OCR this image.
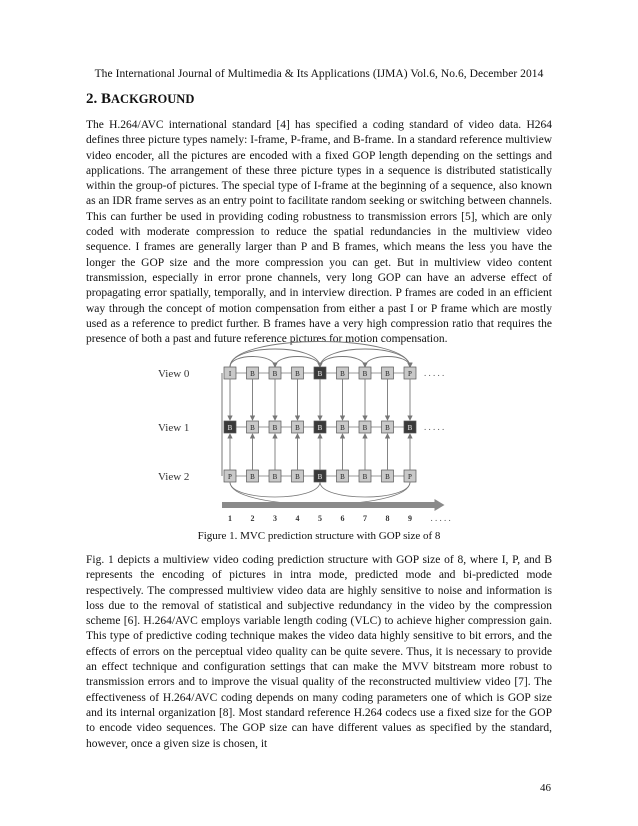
The International Journal of Multimedia & Its Applications (IJMA) Vol.6, No.6, December 2014
2. BACKGROUND

The H.264/AVC international standard [4] has specified a coding standard of video data. H264 defines three picture types namely: I-frame, P-frame, and B-frame. In a standard reference multiview video encoder, all the pictures are encoded with a fixed GOP length depending on the settings and applications. The arrangement of these three picture types in a sequence is distributed statistically within the group-of pictures. The special type of I-frame at the beginning of a sequence, also known as an IDR frame serves as an entry point to facilitate random seeking or switching between channels. This can further be used in providing coding robustness to transmission errors [5], which are only coded with moderate compression to reduce the spatial redundancies in the multiview video sequence. I frames are generally larger than P and B frames, which means the less you have the longer the GOP size and the more compression you can get. But in multiview video content transmission, especially in error prone channels, very long GOP can have an adverse effect of propagating error spatially, temporally, and in interview direction. P frames are coded in an efficient way through the concept of motion compensation from either a past I or P frame which are mostly used as a reference to predict further. B frames have a very high compression ratio that requires the presence of both a past and future reference pictures for motion compensation.

View 0	I	B	B	B	B	B	B	B	P . . . . .
View 1	B	B	B	B	B	B	B	B	B . . . . .
View 2	P	B	B	B	B	B	B	B	P
1 2 3 4 5 6 7 8 9 . . . . .
Figure 1. MVC prediction structure with GOP size of 8

Fig. 1 depicts a multiview video coding prediction structure with GOP size of 8, where I, P, and B represents the encoding of pictures in intra mode, predicted mode and bi-predicted mode respectively. The compressed multiview video data are highly sensitive to noise and information is loss due to the removal of statistical and subjective redundancy in the video by the compression scheme [6]. H.264/AVC employs variable length coding (VLC) to achieve higher compression gain. This type of predictive coding technique makes the video data highly sensitive to bit errors, and the effects of errors on the perceptual video quality can be quite severe. Thus, it is necessary to provide an effect technique and configuration settings that can make the MVV bitstream more robust to transmission errors and to improve the visual quality of the reconstructed multiview video [7]. The effectiveness of H.264/AVC coding depends on many coding parameters one of which is GOP size and its internal organization [8]. Most standard reference H.264 codecs use a fixed size for the GOP to encode video sequences. The GOP size can have different values as specified by the standard, however, once a given size is chosen, it

46
